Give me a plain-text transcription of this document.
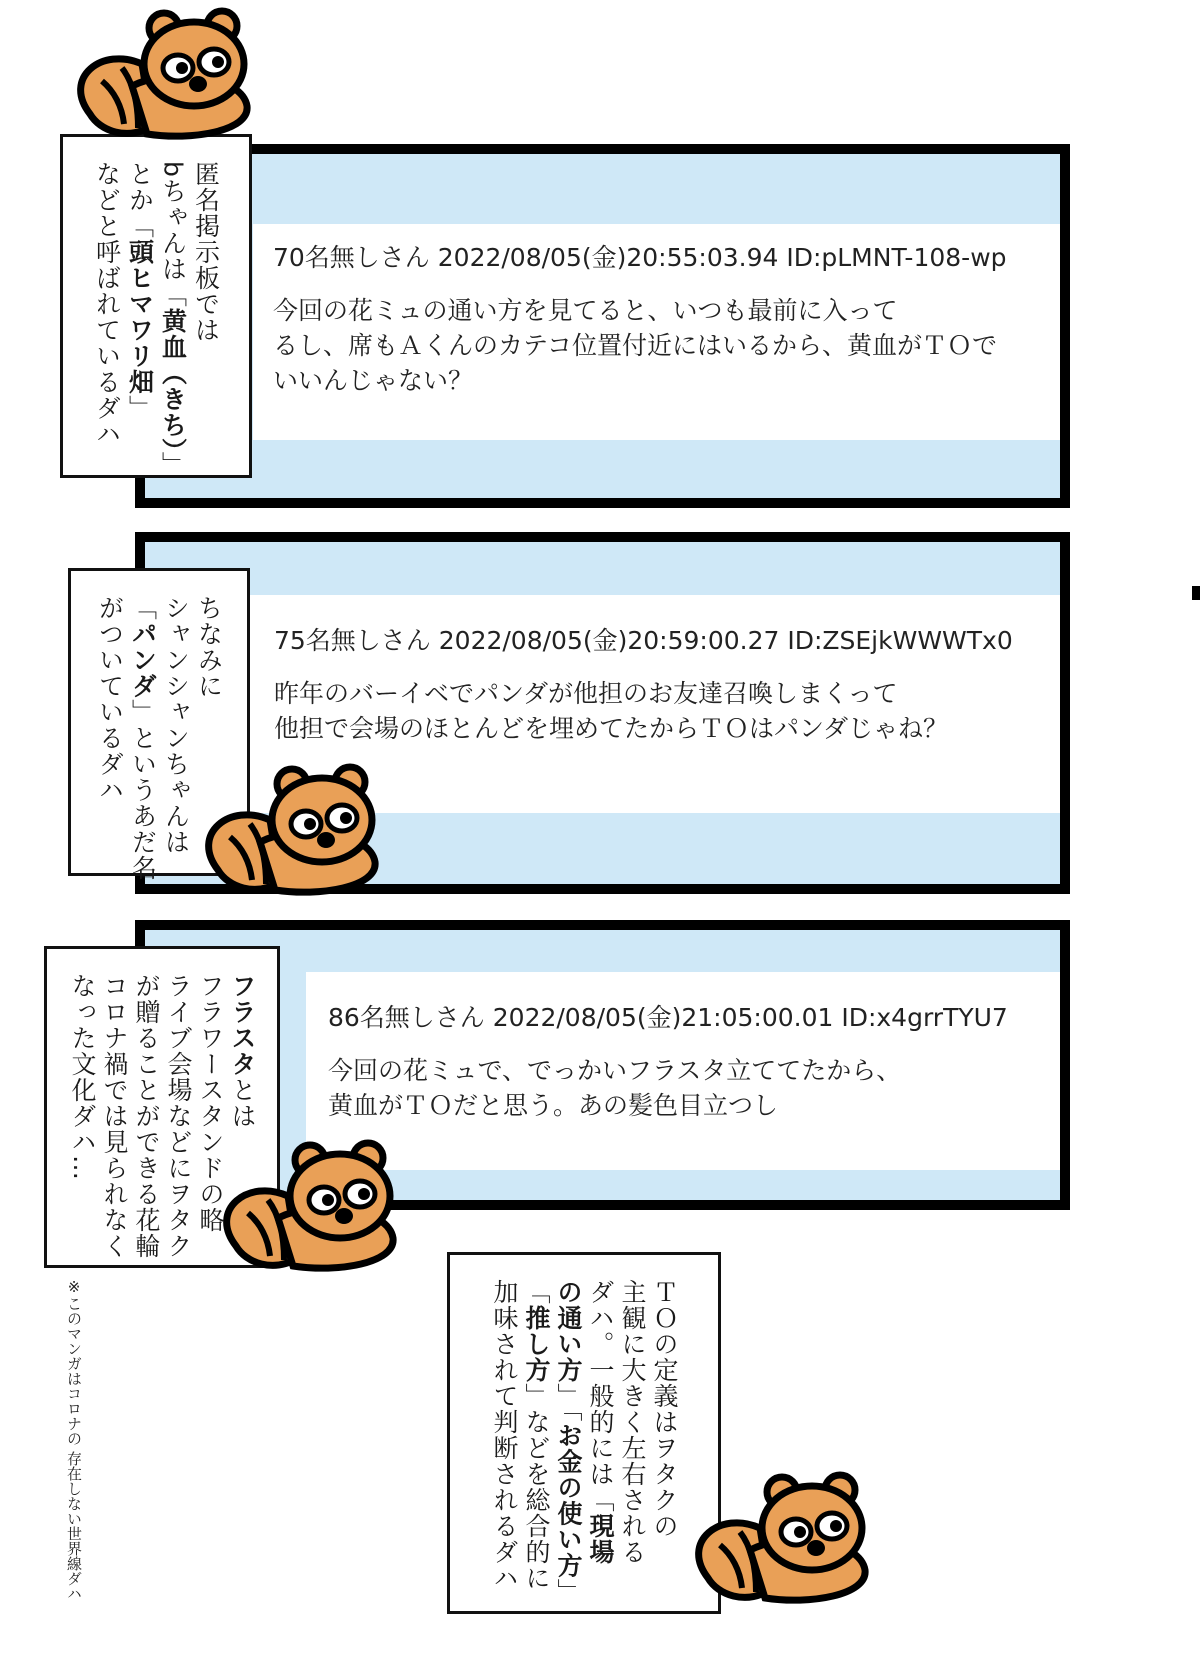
70名無しさん 2022/08/05(金)20:55:03.94 ID:pLMNT-108-wp
今回の花ミュの通い方を見てると、いつも最前に入って
るし、席もＡくんのカテコ位置付近にはいるから、黄血がＴＯで
いいんじゃない？
75名無しさん 2022/08/05(金)20:59:00.27 ID:ZSEjkWWWTx0
昨年のバーイベでパンダが他担のお友達召喚しまくって
他担で会場のほとんどを埋めてたからＴＯはパンダじゃね？
86名無しさん 2022/08/05(金)21:05:00.01 ID:x4grrTYU7
今回の花ミュで、でっかいフラスタ立ててたから、
黄血がＴＯだと思う。あの髪色目立つし
匿名掲示板では
bちゃんは「黄血（きち）」
とか「頭ヒマワリ畑」
などと呼ばれているダハ
ちなみに
シャンシャンちゃんは
「パンダ」というあだ名
がついているダハ
フラスタとは
フラワースタンドの略
ライブ会場などにヲタク
が贈ることができる花輪
コロナ禍では見られなく
なった文化ダハ…
※このマンガはコロナの 存在しない世界線ダハ	ＴＯの定義はヲタクの
主観に大きく左右される
ダハ。一般的には「現場
の通い方」「お金の使い方」
「推し方」などを総合的に
加味されて判断されるダハ
